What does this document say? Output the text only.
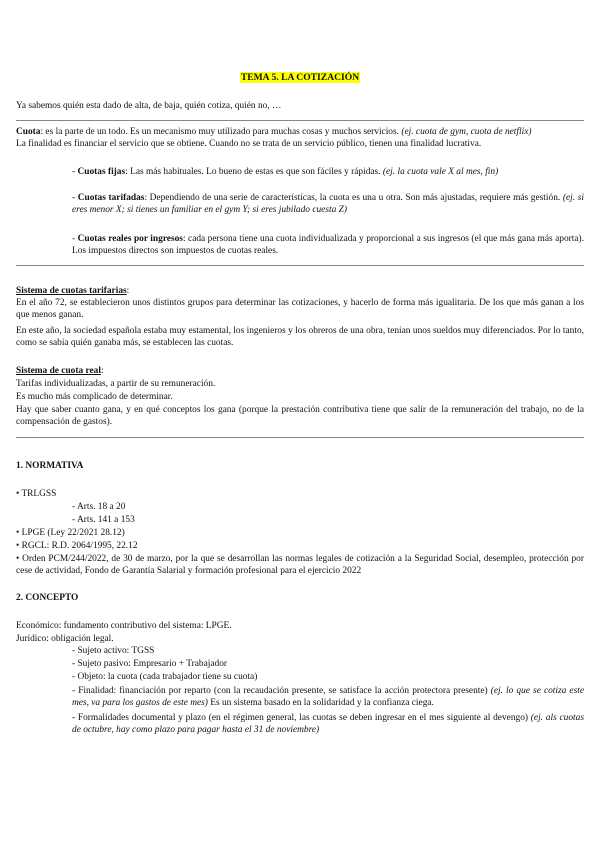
TEMA 5. LA COTIZACIÓN
Ya sabemos quién esta dado de alta, de baja, quién cotiza, quién no, …
Cuota: es la parte de un todo. Es un mecanismo muy utilizado para muchas cosas y muchos servicios. (ej. cuota de gym, cuota de netflix)
La finalidad es financiar el servicio que se obtiene. Cuando no se trata de un servicio público, tienen una finalidad lucrativa.
- Cuotas fijas: Las más habituales. Lo bueno de estas es que son fáciles y rápidas. (ej. la cuota vale X al mes, fin)
- Cuotas tarifadas: Dependiendo de una serie de características, la cuota es una u otra. Son más ajustadas, requiere más gestión. (ej. si eres menor X; si tienes un familiar en el gym Y; si eres jubilado cuesta Z)
- Cuotas reales por ingresos: cada persona tiene una cuota individualizada y proporcional a sus ingresos (el que más gana más aporta). Los impuestos directos son impuestos de cuotas reales.
Sistema de cuotas tarifarias:
En el año 72, se establecieron unos distintos grupos para determinar las cotizaciones, y hacerlo de forma más igualitaria. De los que más ganan a los que menos ganan.
En este año, la sociedad española estaba muy estamental, los ingenieros y los obreros de una obra, tenían unos sueldos muy diferenciados. Por lo tanto, como se sabía quién ganaba más, se establecen las cuotas.
Sistema de cuota real:
Tarifas individualizadas, a partir de su remuneración.
Es mucho más complicado de determinar.
Hay que saber cuanto gana, y en qué conceptos los gana (porque la prestación contributiva tiene que salir de la remuneración del trabajo, no de la compensación de gastos).
1. NORMATIVA
• TRLGSS
- Arts. 18 a 20
- Arts. 141 a 153
• LPGE (Ley 22/2021 28.12)
• RGCL: R.D. 2064/1995, 22.12
• Orden PCM/244/2022, de 30 de marzo, por la que se desarrollan las normas legales de cotización a la Seguridad Social, desempleo, protección por cese de actividad, Fondo de Garantía Salarial y formación profesional para el ejercicio 2022
2. CONCEPTO
Económico: fundamento contributivo del sistema: LPGE.
Jurídico: obligación legal.
- Sujeto activo: TGSS
- Sujeto pasivo: Empresario + Trabajador
- Objeto: la cuota (cada trabajador tiene su cuota)
- Finalidad: financiación por reparto (con la recaudación presente, se satisface la acción protectora presente) (ej. lo que se cotiza este mes, va para los gastos de este mes) Es un sistema basado en la solidaridad y la confianza ciega.
- Formalidades documental y plazo (en el régimen general, las cuotas se deben ingresar en el mes siguiente al devengo) (ej. als cuotas de octubre, hay como plazo para pagar hasta el 31 de noviembre)
